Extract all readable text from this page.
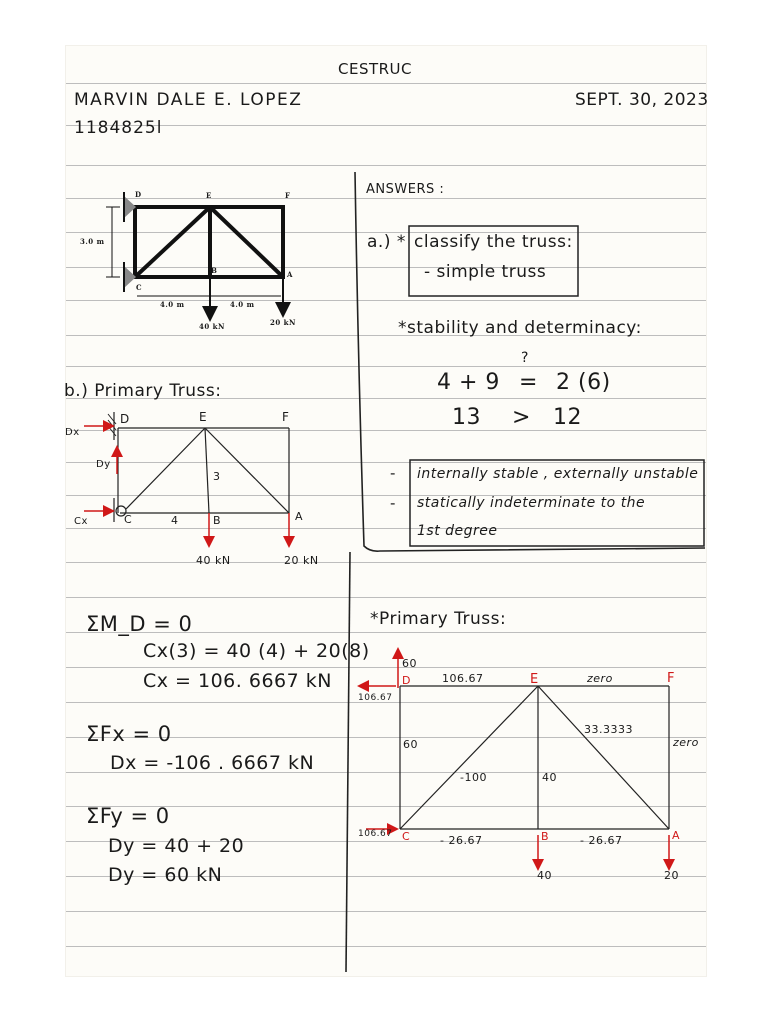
CESTRUC
MARVIN DALE E. LOPEZ
1184825l
SEPT. 30, 2023
D	E	F
B	A
C
3.0 m
4.0 m	4.0 m
40 kN	20 kN
ANSWERS :
a.) * classify the truss:
- simple truss
*stability and determinacy:
?
4 + 9 = 2 (6)
13 > 12
-
-
internally stable , externally unstable
statically indeterminate to the
1st degree
b.) Primary Truss:
D	E	F
C	B	A
Dx
Dy
Cx	4
3
40 kN	20 kN
ΣM_D = 0
Cx(3) = 40 (4) + 20(8)
Cx = 106. 6667 kN
ΣFx = 0
Dx = -106 . 6667 kN
ΣFy = 0
Dy = 40 + 20
Dy = 60 kN
*Primary Truss:
D	E	F
C	B	A
60
106.67
106.67
106.67	zero
zero
33.3333
60
-100	40
- 26.67	- 26.67
40	20
